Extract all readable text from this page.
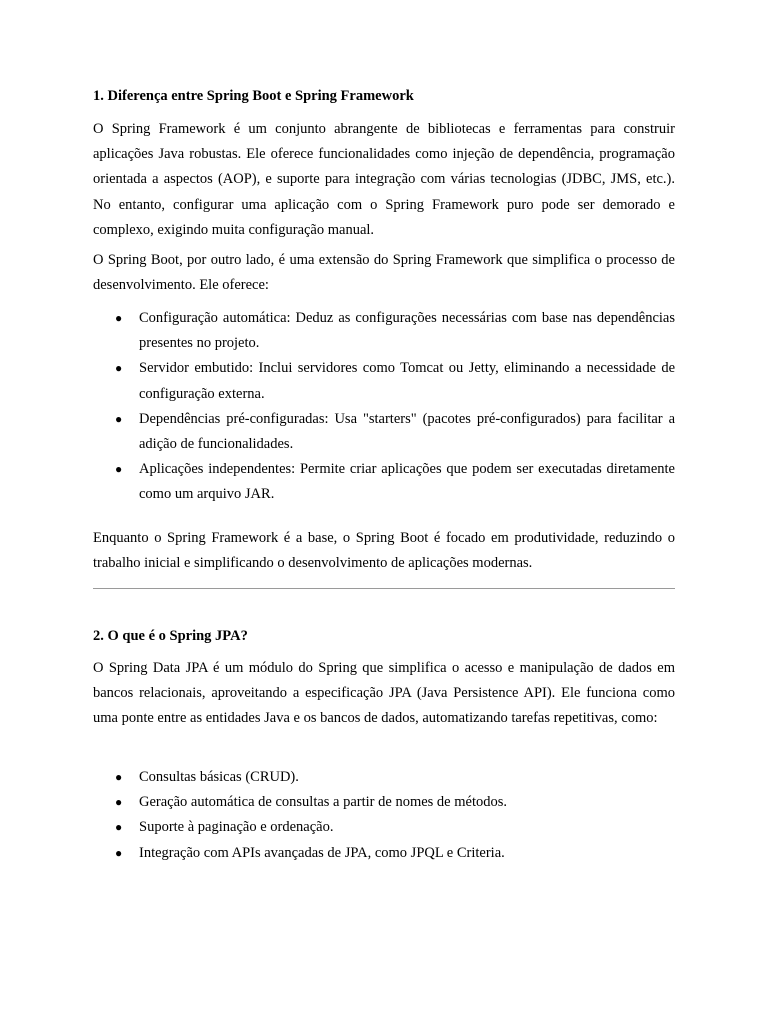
1. Diferença entre Spring Boot e Spring Framework

O Spring Framework é um conjunto abrangente de bibliotecas e ferramentas para construir aplicações Java robustas. Ele oferece funcionalidades como injeção de dependência, programação orientada a aspectos (AOP), e suporte para integração com várias tecnologias (JDBC, JMS, etc.). No entanto, configurar uma aplicação com o Spring Framework puro pode ser demorado e complexo, exigindo muita configuração manual.

O Spring Boot, por outro lado, é uma extensão do Spring Framework que simplifica o processo de desenvolvimento. Ele oferece:

● Configuração automática: Deduz as configurações necessárias com base nas dependências presentes no projeto.
● Servidor embutido: Inclui servidores como Tomcat ou Jetty, eliminando a necessidade de configuração externa.
● Dependências pré-configuradas: Usa "starters" (pacotes pré-configurados) para facilitar a adição de funcionalidades.
● Aplicações independentes: Permite criar aplicações que podem ser executadas diretamente como um arquivo JAR.

Enquanto o Spring Framework é a base, o Spring Boot é focado em produtividade, reduzindo o trabalho inicial e simplificando o desenvolvimento de aplicações modernas.

2. O que é o Spring JPA?

O Spring Data JPA é um módulo do Spring que simplifica o acesso e manipulação de dados em bancos relacionais, aproveitando a especificação JPA (Java Persistence API). Ele funciona como uma ponte entre as entidades Java e os bancos de dados, automatizando tarefas repetitivas, como:

● Consultas básicas (CRUD).
● Geração automática de consultas a partir de nomes de métodos.
● Suporte à paginação e ordenação.
● Integração com APIs avançadas de JPA, como JPQL e Criteria.
